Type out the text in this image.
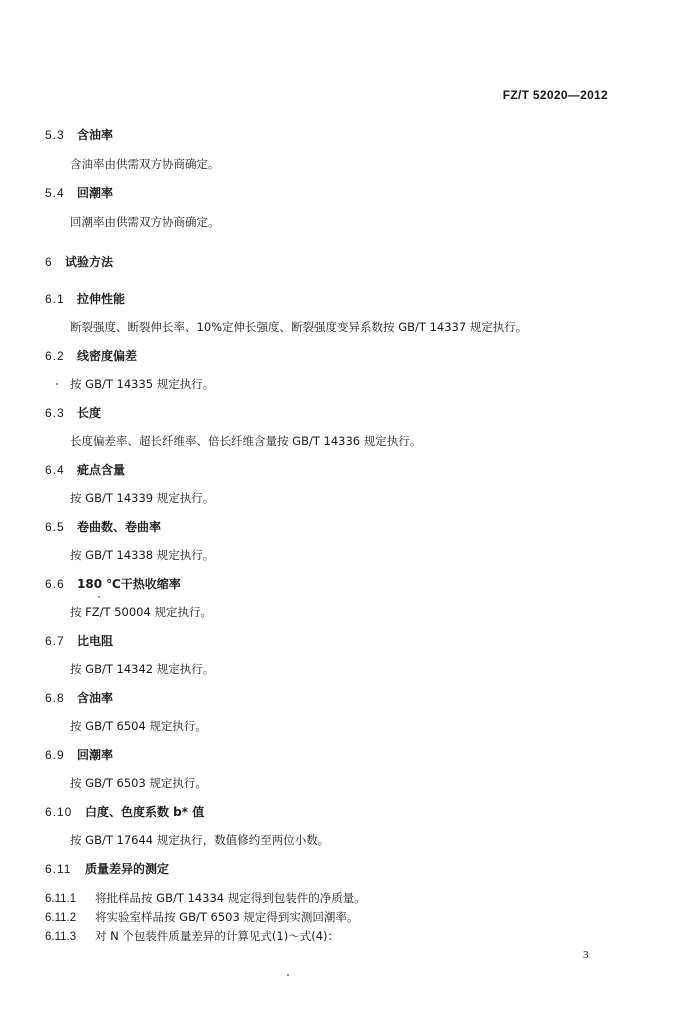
FZ/T 52020—2012
5.3 含油率
含油率由供需双方协商确定。
5.4 回潮率
回潮率由供需双方协商确定。
6 试验方法
6.1 拉伸性能
断裂强度、断裂伸长率、10%定伸长强度、断裂强度变异系数按 GB/T 14337 规定执行。
6.2 线密度偏差
按 GB/T 14335 规定执行。
6.3 长度
长度偏差率、超长纤维率、倍长纤维含量按 GB/T 14336 规定执行。
6.4 疵点含量
按 GB/T 14339 规定执行。
6.5 卷曲数、卷曲率
按 GB/T 14338 规定执行。
6.6 180 ℃干热收缩率
按 FZ/T 50004 规定执行。
6.7 比电阻
按 GB/T 14342 规定执行。
6.8 含油率
按 GB/T 6504 规定执行。
6.9 回潮率
按 GB/T 6503 规定执行。
6.10 白度、色度系数 b* 值
按 GB/T 17644 规定执行，数值修约至两位小数。
6.11 质量差异的测定
6.11.1 将批样品按 GB/T 14334 规定得到包装件的净质量。
6.11.2 将实验室样品按 GB/T 6503 规定得到实测回潮率。
6.11.3 对 N 个包装件质量差异的计算见式(1)～式(4)：
3
